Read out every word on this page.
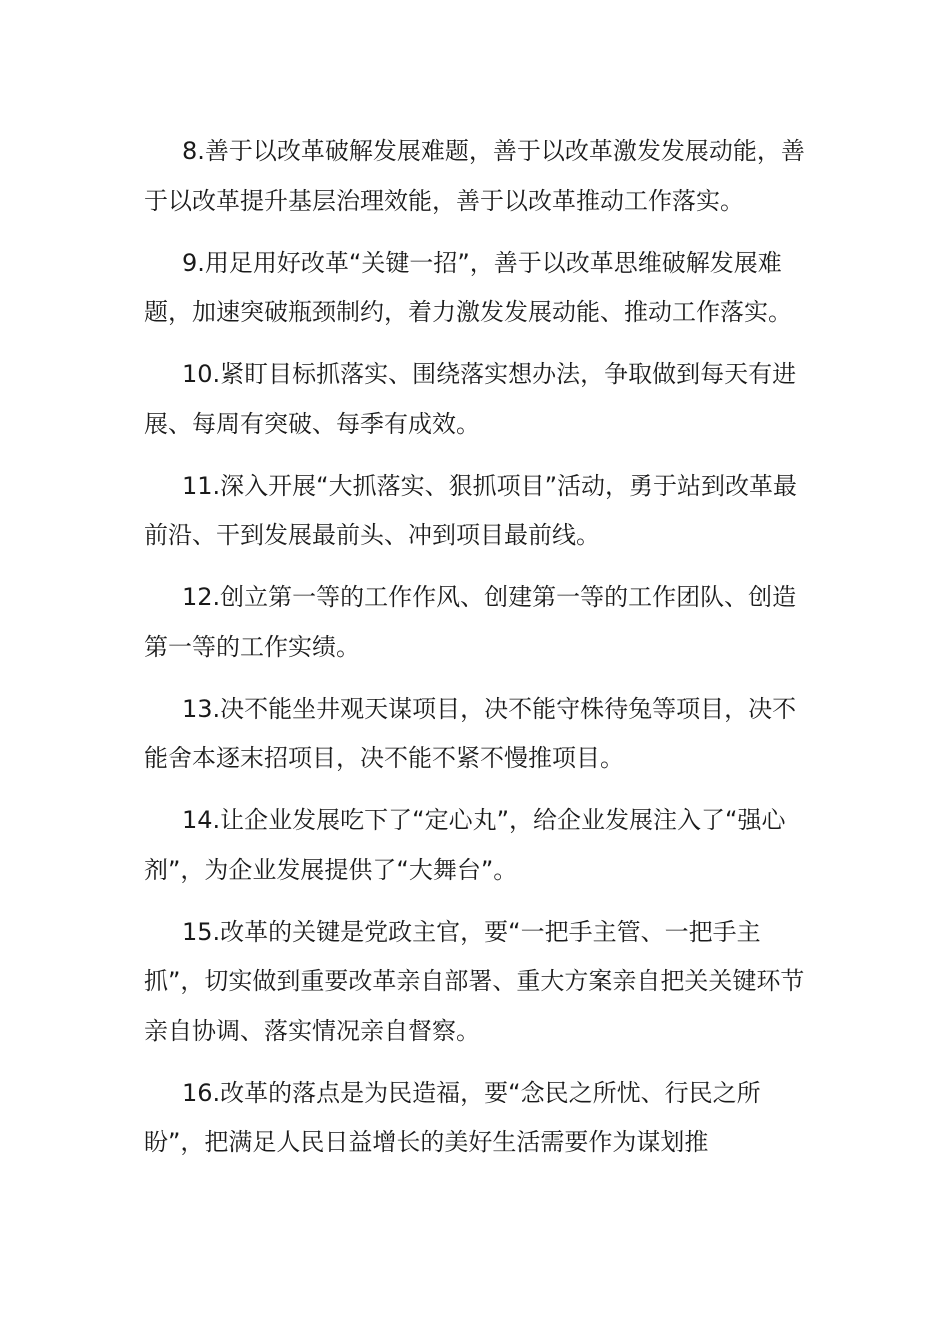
8.善于以改革破解发展难题，善于以改革激发发展动能，善于以改革提升基层治理效能，善于以改革推动工作落实。

9.用足用好改革“关键一招”，善于以改革思维破解发展难题，加速突破瓶颈制约，着力激发发展动能、推动工作落实。

10.紧盯目标抓落实、围绕落实想办法，争取做到每天有进展、每周有突破、每季有成效。

11.深入开展“大抓落实、狠抓项目”活动，勇于站到改革最前沿、干到发展最前头、冲到项目最前线。

12.创立第一等的工作作风、创建第一等的工作团队、创造第一等的工作实绩。

13.决不能坐井观天谋项目，决不能守株待兔等项目，决不能舍本逐末招项目，决不能不紧不慢推项目。

14.让企业发展吃下了“定心丸”，给企业发展注入了“强心剂”，为企业发展提供了“大舞台”。

15.改革的关键是党政主官，要“一把手主管、一把手主抓”，切实做到重要改革亲自部署、重大方案亲自把关关键环节亲自协调、落实情况亲自督察。

16.改革的落点是为民造福，要“念民之所忧、行民之所盼”，把满足人民日益增长的美好生活需要作为谋划推
